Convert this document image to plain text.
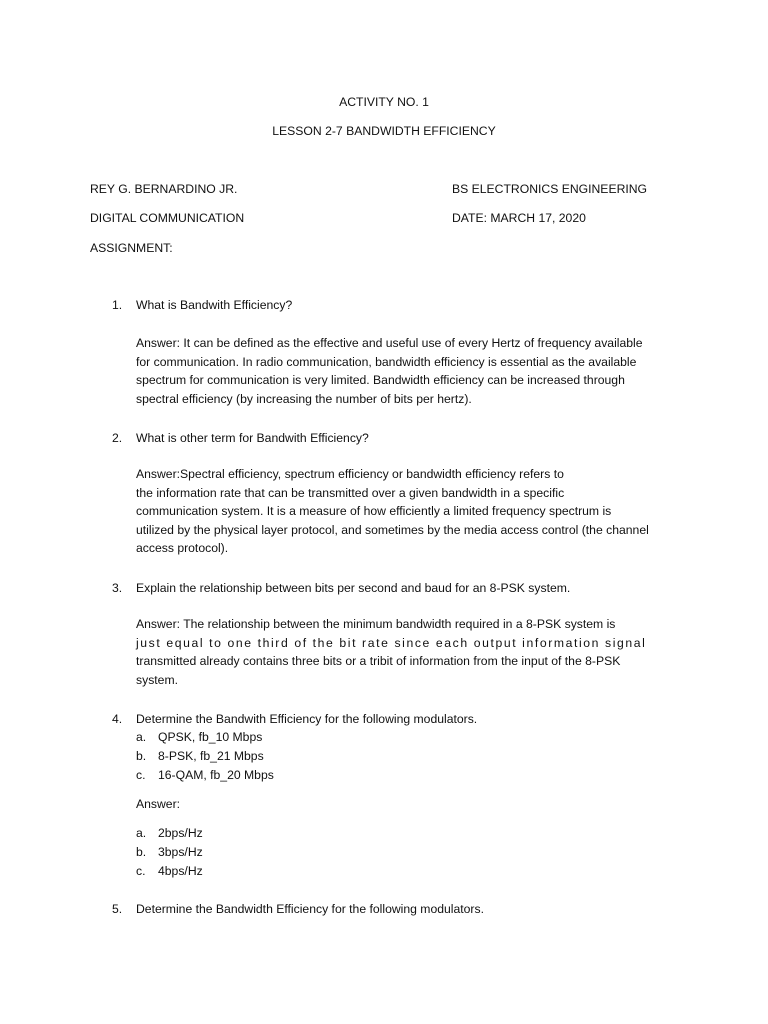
ACTIVITY NO. 1
LESSON 2-7 BANDWIDTH EFFICIENCY
REY G. BERNARDINO JR.	BS ELECTRONICS ENGINEERING
DIGITAL COMMUNICATION	DATE: MARCH 17, 2020
ASSIGNMENT:
1. What is Bandwith Efficiency?
Answer: It can be defined as the effective and useful use of every Hertz of frequency available
for communication. In radio communication, bandwidth efficiency is essential as the available
spectrum for communication is very limited. Bandwidth efficiency can be increased through
spectral efficiency (by increasing the number of bits per hertz).
2. What is other term for Bandwith Efficiency?
Answer:Spectral efficiency, spectrum efficiency or bandwidth efficiency refers to
the information rate that can be transmitted over a given bandwidth in a specific
communication system. It is a measure of how efficiently a limited frequency spectrum is
utilized by the physical layer protocol, and sometimes by the media access control (the channel
access protocol).
3. Explain the relationship between bits per second and baud for an 8-PSK system.
Answer: The relationship between the minimum bandwidth required in a 8-PSK system is
just equal to one third of the bit rate since each output information signal
transmitted already contains three bits or a tribit of information from the input of the 8-PSK
system.
4. Determine the Bandwith Efficiency for the following modulators.
a. QPSK, fb_10 Mbps
b. 8-PSK, fb_21 Mbps
c. 16-QAM, fb_20 Mbps
Answer:
a. 2bps/Hz
b. 3bps/Hz
c. 4bps/Hz
5. Determine the Bandwidth Efficiency for the following modulators.
